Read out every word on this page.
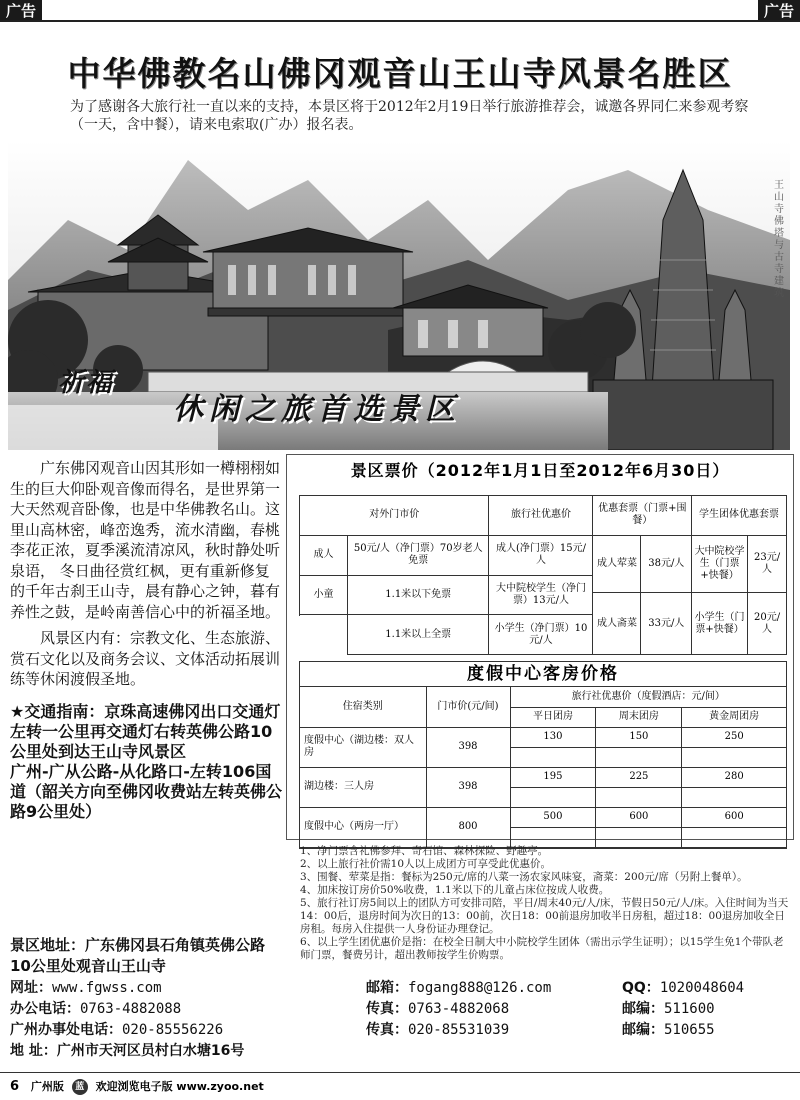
广告	广告
中华佛教名山佛冈观音山王山寺风景名胜区

为了感谢各大旅行社一直以来的支持，本景区将于2012年2月19日举行旅游推荐会，诚邀各界同仁来参观考察（一天，含中餐），请来电索取(广办）报名表。

王山寺佛塔与古寺建筑
祈福
休闲之旅首选景区

广东佛冈观音山因其形如一樽栩栩如生的巨大仰卧观音像而得名，是世界第一大天然观音卧像，也是中华佛教名山。这里山高林密，峰峦逸秀，流水清幽，春桃李花正浓，夏季溪流清凉风，秋时静处听泉语， 冬日曲径赏红枫，更有重新修复的千年古刹王山寺，晨有静心之钟，暮有养性之鼓，是岭南善信心中的祈福圣地。

风景区内有：宗教文化、生态旅游、赏石文化以及商务会议、文体活动拓展训练等休闲渡假圣地。

★交通指南：京珠高速佛冈出口交通灯左转一公里再交通灯右转英佛公路10公里处到达王山寺风景区

广州-广从公路-从化路口-左转106国道（韶关方向至佛冈收费站左转英佛公路9公里处）

景区票价（2012年1月1日至2012年6月30日）
对外门市价		旅行社优惠价	优惠套票（门票+围餐）		学生团体优惠套票	
成人	50元/人（净门票）70岁老人免票	成人(净门票）15元/人	成人荤菜	38元/人	大中院校学生（门票+快餐）	23元/人

小童	1.1米以下免票	大中院校学生（净门票）13元/人				
			成人斋菜	33元/人	小学生（门票+快餐）	20元/人
	1.1米以上全票	小学生（净门票）10元/人				

度假中心客房价格
住宿类别	门市价(元/间)	旅行社优惠价（度假酒店：元/间）		
		平日团房	周末团房	黄金周团房
度假中心（湖边楼：双人房	398	130	150	250

湖边楼：三人房	398	195	225	280

度假中心（两房一厅）	800	500	600	600

1、净门票含礼佛参拜、奇石馆、森林探险、野趣亭。

2、以上旅行社价需10人以上成团方可享受此优惠价。

3、围餐、荤菜是指：餐标为250元/席的八菜一汤农家风味宴，斋菜：200元/席（另附上餐单）。

4、加床按订房价50%收费，1.1米以下的儿童占床位按成人收费。

5、旅行社订房5间以上的团队方可安排司陪，平日/周末40元/人/床，节假日50元/人/床。入住时间为当天14：00后，退房时间为次日的13：00前，次日18：00前退房加收半日房租，超过18：00退房加收全日房租。每房入住提供一人身份证办理登记。

6、以上学生团优惠价是指：在校全日制大中小院校学生团体（需出示学生证明）；以15学生免1个带队老师门票，餐费另计，超出教师按学生价购票。

景区地址：广东佛冈县石角镇英佛公路10公里处观音山王山寺
网址：www.fgwss.com	邮箱：fogang888@126.com	QQ：1020048604
办公电话：0763-4882088	传真：0763-4882068	邮编：511600
广州办事处电话：020-85556226	传真：020-85531039	邮编：510655
地 址：广州市天河区员村白水塘16号
6 广州版 蓝 欢迎浏览电子版 www.zyoo.net
